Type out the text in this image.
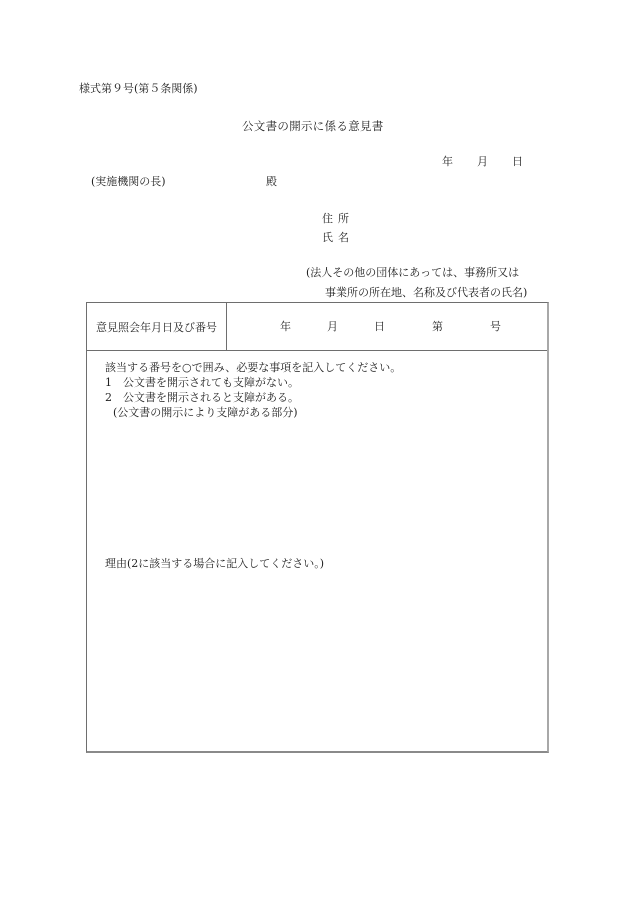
様式第９号(第５条関係)
公文書の開示に係る意見書
年 月 日
(実施機関の長)	殿
住所
氏名
(法人その他の団体にあっては、事務所又は
事業所の所在地、名称及び代表者の氏名)
意見照会年月日及び番号	年	月	日	第	号
該当する番号を○で囲み、必要な事項を記入してください。
1 公文書を開示されても支障がない。
2 公文書を開示されると支障がある。
(公文書の開示により支障がある部分)
理由(2に該当する場合に記入してください。)
